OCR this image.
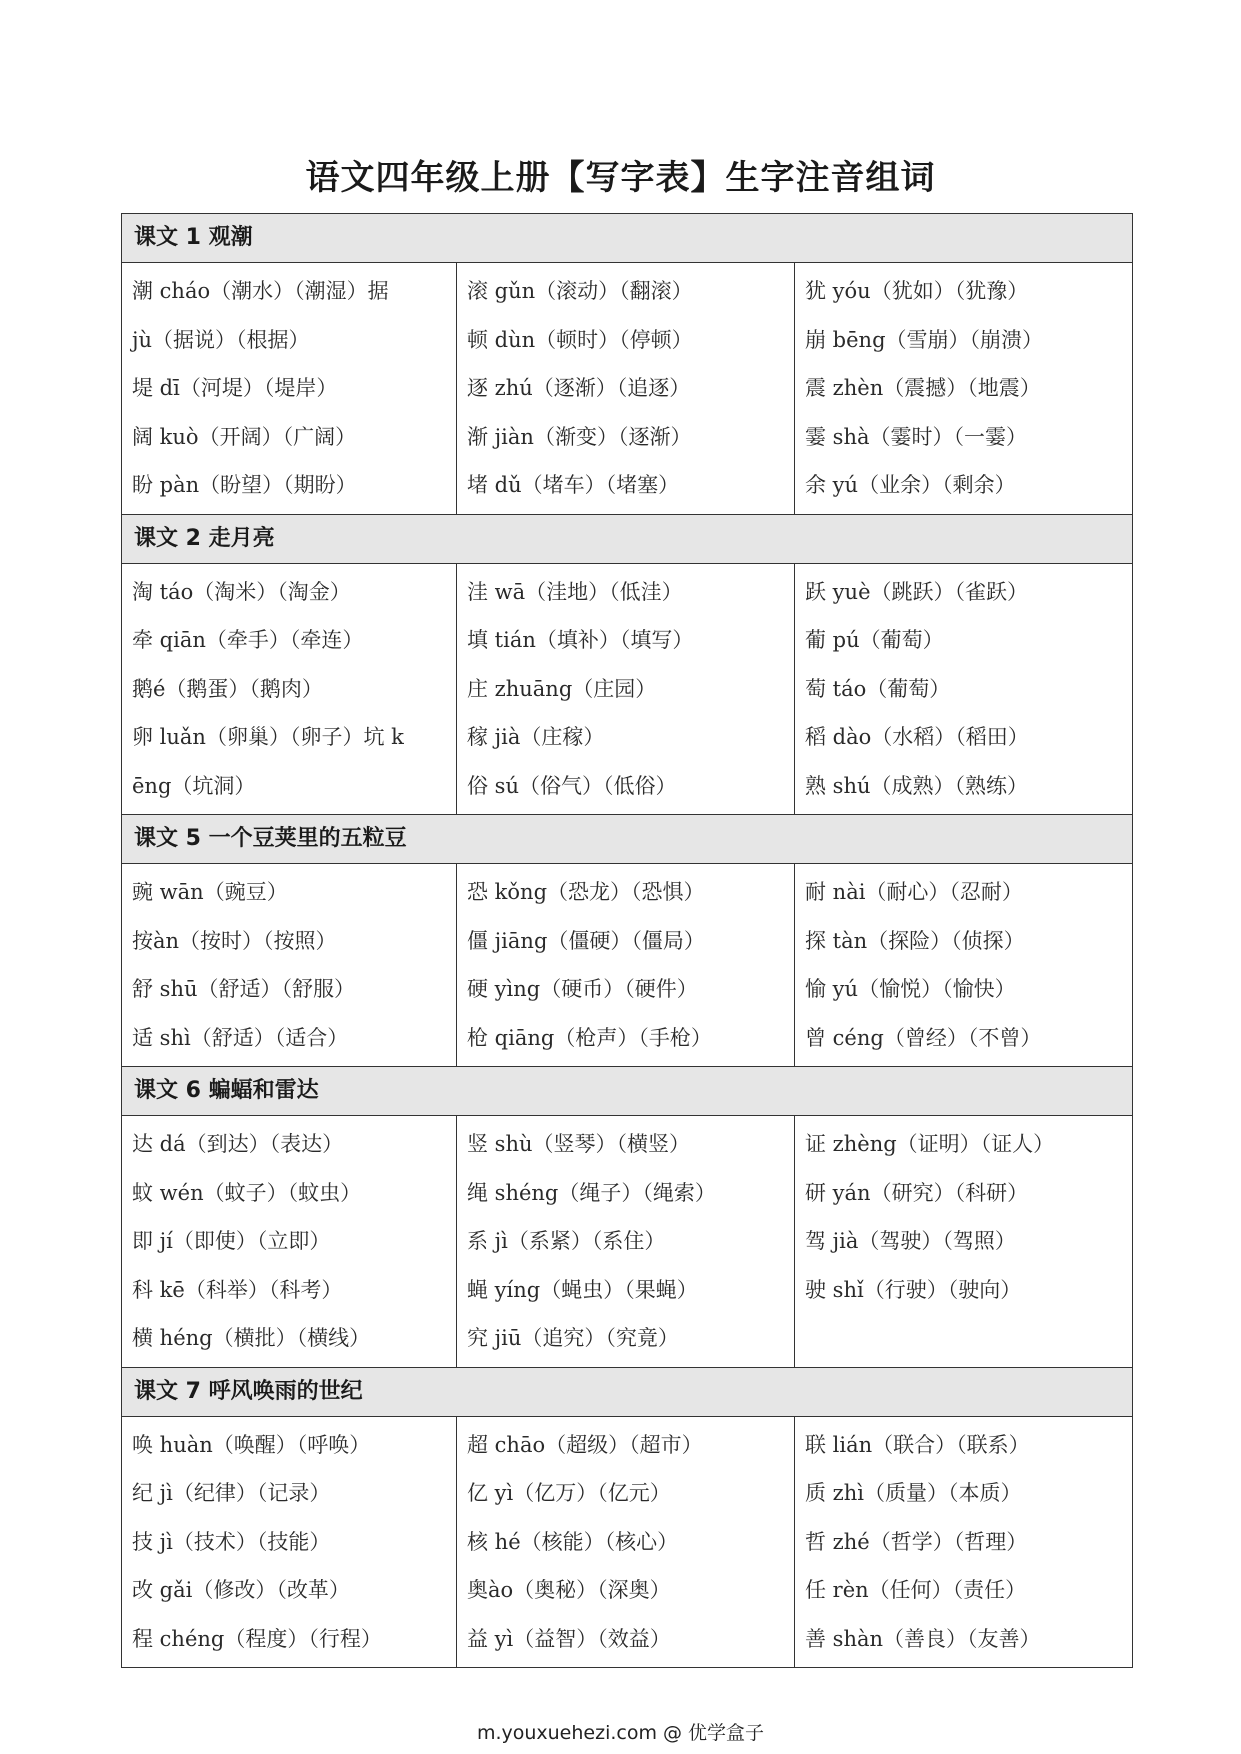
语文四年级上册【写字表】生字注音组词
课文 1 观潮
潮 cháo（潮水）（潮湿）据
jù（据说）（根据）
堤 dī（河堤）（堤岸）
阔 kuò（开阔）（广阔）
盼 pàn（盼望）（期盼）
滚 gǔn（滚动）（翻滚）
顿 dùn（顿时）（停顿）
逐 zhú（逐渐）（追逐）
渐 jiàn（渐变）（逐渐）
堵 dǔ（堵车）（堵塞）
犹 yóu（犹如）（犹豫）
崩 bēng（雪崩）（崩溃）
震 zhèn（震撼）（地震）
霎 shà（霎时）（一霎）
余 yú（业余）（剩余）
课文 2 走月亮
淘 táo（淘米）（淘金）
牵 qiān（牵手）（牵连）
鹅é（鹅蛋）（鹅肉）
卵 luǎn（卵巢）（卵子）坑 k
ēng（坑洞）
洼 wā（洼地）（低洼）
填 tián（填补）（填写）
庄 zhuāng（庄园）
稼 jià（庄稼）
俗 sú（俗气）（低俗）
跃 yuè（跳跃）（雀跃）
葡 pú（葡萄）
萄 táo（葡萄）
稻 dào（水稻）（稻田）
熟 shú（成熟）（熟练）
课文 5 一个豆荚里的五粒豆
豌 wān（豌豆）
按àn（按时）（按照）
舒 shū（舒适）（舒服）
适 shì（舒适）（适合）
恐 kǒng（恐龙）（恐惧）
僵 jiāng（僵硬）（僵局）
硬 yìng（硬币）（硬件）
枪 qiāng（枪声）（手枪）
耐 nài（耐心）（忍耐）
探 tàn（探险）（侦探）
愉 yú（愉悦）（愉快）
曾 céng（曾经）（不曾）
课文 6 蝙蝠和雷达
达 dá（到达）（表达）
蚊 wén（蚊子）（蚊虫）
即 jí（即使）（立即）
科 kē（科举）（科考）
横 héng（横批）（横线）
竖 shù（竖琴）（横竖）
绳 shéng（绳子）（绳索）
系 jì（系紧）（系住）
蝇 yíng（蝇虫）（果蝇）
究 jiū（追究）（究竟）
证 zhèng（证明）（证人）
研 yán（研究）（科研）
驾 jià（驾驶）（驾照）
驶 shǐ（行驶）（驶向）
课文 7 呼风唤雨的世纪
唤 huàn（唤醒）（呼唤）
纪 jì（纪律）（记录）
技 jì（技术）（技能）
改 gǎi（修改）（改革）
程 chéng（程度）（行程）
超 chāo（超级）（超市）
亿 yì（亿万）（亿元）
核 hé（核能）（核心）
奥ào（奥秘）（深奥）
益 yì（益智）（效益）
联 lián（联合）（联系）
质 zhì（质量）（本质）
哲 zhé（哲学）（哲理）
任 rèn（任何）（责任）
善 shàn（善良）（友善）
m.youxuehezi.com @ 优学盒子
